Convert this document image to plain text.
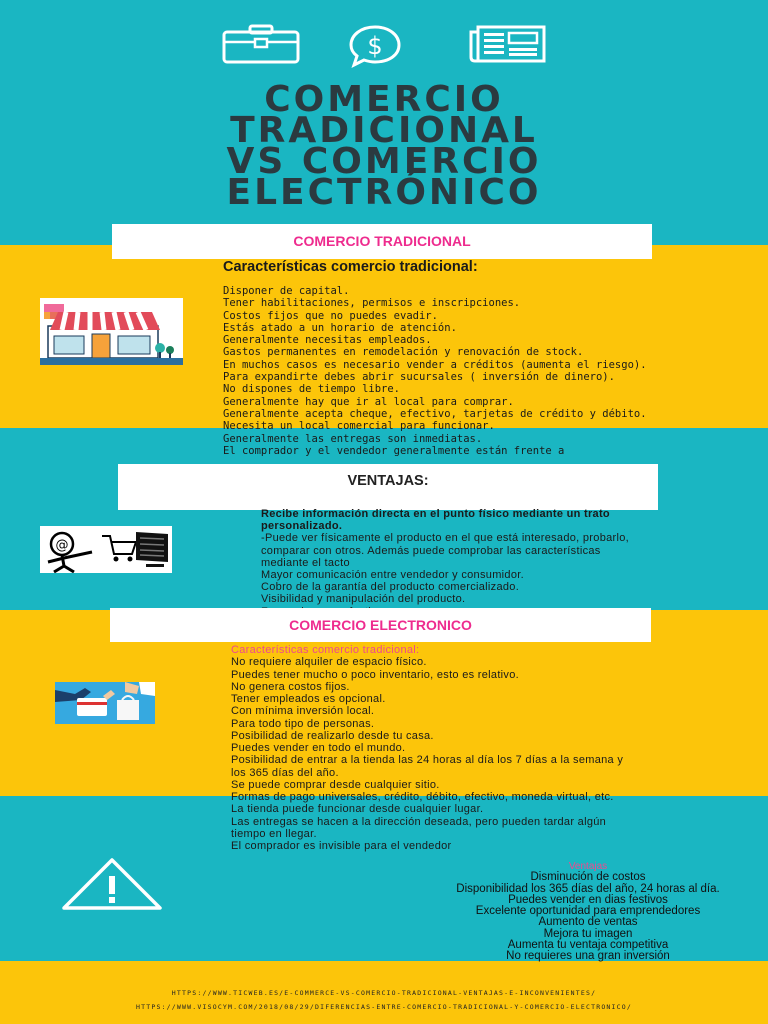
$
COMERCIO
TRADICIONAL
VS COMERCIO
ELECTRÓNICO
COMERCIO TRADICIONAL
Características comercio tradicional:
Disponer de capital.
Tener habilitaciones, permisos e inscripciones.
Costos fijos que no puedes evadir.
Estás atado a un horario de atención.
Generalmente necesitas empleados.
Gastos permanentes en remodelación y renovación de stock.
En muchos casos es necesario vender a créditos (aumenta el riesgo).
Para expandirte debes abrir sucursales ( inversión de dinero).
No dispones de tiempo libre.
Generalmente hay que ir al local para comprar.
Generalmente acepta cheque, efectivo, tarjetas de crédito y débito.
Necesita un local comercial para funcionar.
Generalmente las entregas son inmediatas.
El comprador y el vendedor generalmente están frente a
VENTAJAS:
@
Recibe información directa en el punto físico mediante un trato
personalizado.
-Puede ver físicamente el producto en el que está interesado, probarlo,
comparar con otros. Además puede comprobar las características
mediante el tacto
Mayor comunicación entre vendedor y consumidor.
Cobro de la garantía del producto comercializado.
Visibilidad y manipulación del producto.
COMERCIO ELECTRONICO
Características comercio tradicional:
No requiere alquiler de espacio físico.
Puedes tener mucho o poco inventario, esto es relativo.
No genera costos fijos.
Tener empleados es opcional.
Con mínima inversión local.
Para todo tipo de personas.
Posibilidad de realizarlo desde tu casa.
Puedes vender en todo el mundo.
Posibilidad de entrar a la tienda las 24 horas al día los 7 días a la semana y
los 365 días del año.
Se puede comprar desde cualquier sitio.
Formas de pago universales, crédito, débito, efectivo, moneda virtual, etc.
La tienda puede funcionar desde cualquier lugar.
Las entregas se hacen a la dirección deseada, pero pueden tardar algún
tiempo en llegar.
El comprador es invisible para el vendedor
Ventajas
Disminución de costos
Disponibilidad los 365 días del año, 24 horas al día.
Puedes vender en dias festivos
Excelente oportunidad para emprendedores
Aumento de ventas
Mejora tu imagen
Aumenta tu ventaja competitiva
No requieres una gran inversión
HTTPS://WWW.TICWEB.ES/E-COMMERCE-VS-COMERCIO-TRADICIONAL-VENTAJAS-E-INCONVENIENTES/
HTTPS://WWW.VISOCYM.COM/2018/08/29/DIFERENCIAS-ENTRE-COMERCIO-TRADICIONAL-Y-COMERCIO-ELECTRONICO/
